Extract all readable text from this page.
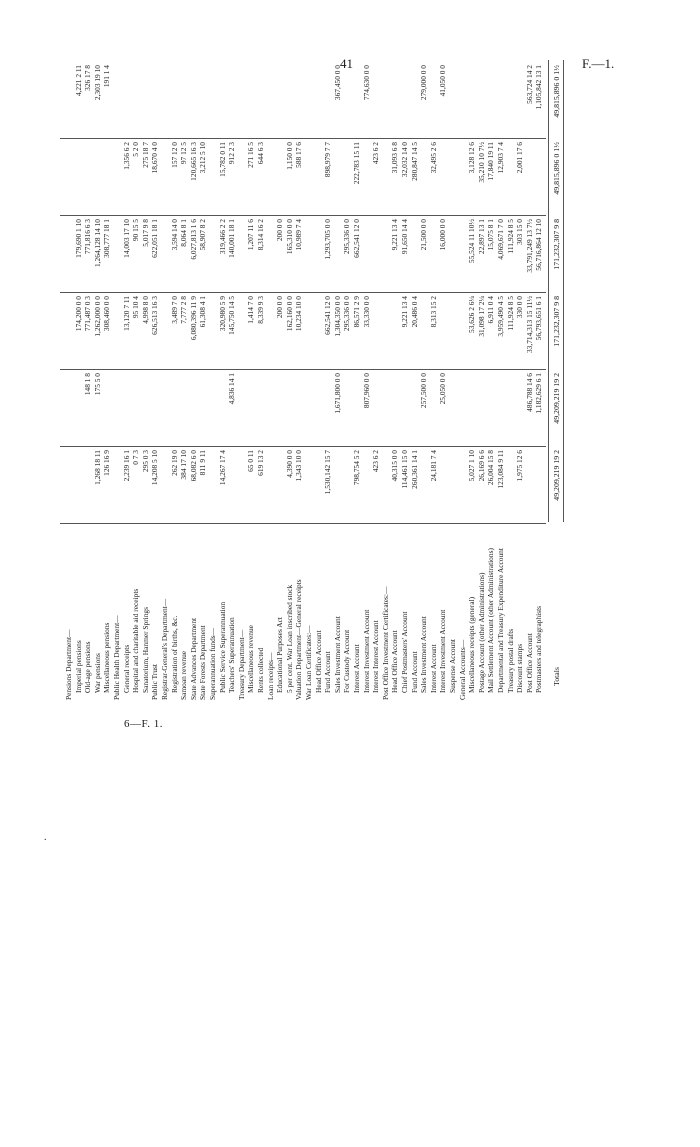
41	F.—1.
6—F. 1.
.
Pensions Department— Imperial pensions
174,200 0 0
179,690 1 10
4,221 2 11
Old-age pensions
148 1 8
771,487 0 3
771,816 6 3
326 17 8
War pensions
1,268 18 11
175 5 0
1,262,000 0 0
1,264,128 14 10
2,303 19 10
Miscellaneous pensions
126 16 9
308,460 0 0
308,777 18 1
191 1 4
Public Health Department— General receipts
2,239 16 1
13,120 7 11
14,003 17 10
1,356 6 2
Hospital and charitable aid receipts
0 7 3
95 10 4
90 15 5
5 2 0
Sanatorium, Hanmer Springs
295 0 3
4,998 8 0
5,017 9 8
275 18 7
Public Trust
14,208 5 10
626,513 16 3
622,051 18 1
18,670 4 0
Registrar-General's Department— Registration of births, &c.
262 19 0
3,489 7 0
3,594 14 0
157 12 0
Samoan revenue
384 17 10
7,777 2 8
8,064 8 1
97 12 5
State Advances Department
68,082 6 0
6,080,396 11 9
6,027,813 1 6
120,665 16 3
State Forests Department
811 9 11
61,308 4 1
58,907 8 2
3,212 5 10
Superannuation funds— Public Service Superannuation
14,267 17 4
320,980 5 9
319,466 2 2
15,782 0 11
Teachers' Superannuation
4,836 14 1
145,750 14 5
140,001 18 1
912 2 3
Treasury Department— Miscellaneous revenue
65 0 11
1,414 7 0
1,207 11 6
271 16 5
Rents collected
619 13 2
8,339 9 3
8,314 16 2
644 6 3
Loan receipts— Educational Purposes Act
200 0 0
200 0 0
5 per cent. War Loan inscribed stock
4,390 0 0
162,160 0 0
165,310 0 0
1,150 0 0
Valuation Department—General receipts
1,343 10 0
10,234 10 0
10,989 7 4
588 17 6
War Loan Certificates:— Head Office Account Fund Account
1,530,142 15 7
662,541 12 0
1,293,705 0 0
898,979 7 7
Sales Investment Account
1,671,800 0 0
1,304,350 0 0
367,450 0 0
For Custody Account
295,336 0 0
295,336 0 0
Interest Account
798,754 5 2
86,571 2 9
662,541 12 0
222,783 15 11
Interest Investment Account
807,960 0 0
33,330 0 0
774,630 0 0
Interest Interest Account
423 6 2
423 6 2
Post Office Investment Certificates:— Head Office Account
40,315 0 0
9,221 13 4
31,093 6 8
Chief Postmasters' Account
114,461 15 0
9,221 13 4
91,650 14 4
32,032 14 0
Fund Account
260,361 14 1
20,486 0 4
280,847 14 5
Sales Investment Account
257,500 0 0
21,500 0 0
279,000 0 0
Interest Account
24,181 7 4
8,313 15 2
32,495 2 6
Interest Investment Account
25,050 0 0
16,000 0 0
41,050 0 0
Suspense Account General Accounts— Miscellaneous receipts (general)
5,027 1 10
53,626 2 6¼
55,524 11 10½
3,128 12 6
Postage Account (other Administrations)
26,169 6 6
31,098 17 2¼
22,897 13 1
35,210 10 7½
Mail Settlement Account (other Administrations)
26,004 15 8
6,911 0 4
15,075 8 1
17,840 19 11
Departmental and Treasury Expenditure Account
123,084 9 11
3,959,490 4 5
4,069,671 7 0
12,903 7 4
Treasury postal drafts
111,924 8 5
111,924 8 5
Discount stamps
1,975 12 6
330 0 0
303 15 0
2,001 17 6
Post Office Account
486,788 14 6
33,714,313 15 11½
33,791,249 13 7½
563,724 14 2
Postmasters and telegraphists
1,182,629 6 1
56,793,651 6 1
56,716,864 12 10
1,105,842 13 1
Totals
49,209,219 19 2
49,209,219 19 2
171,232,307 9 8
171,232,307 9 8
49,815,896 0 1½
49,815,896 0 1½
